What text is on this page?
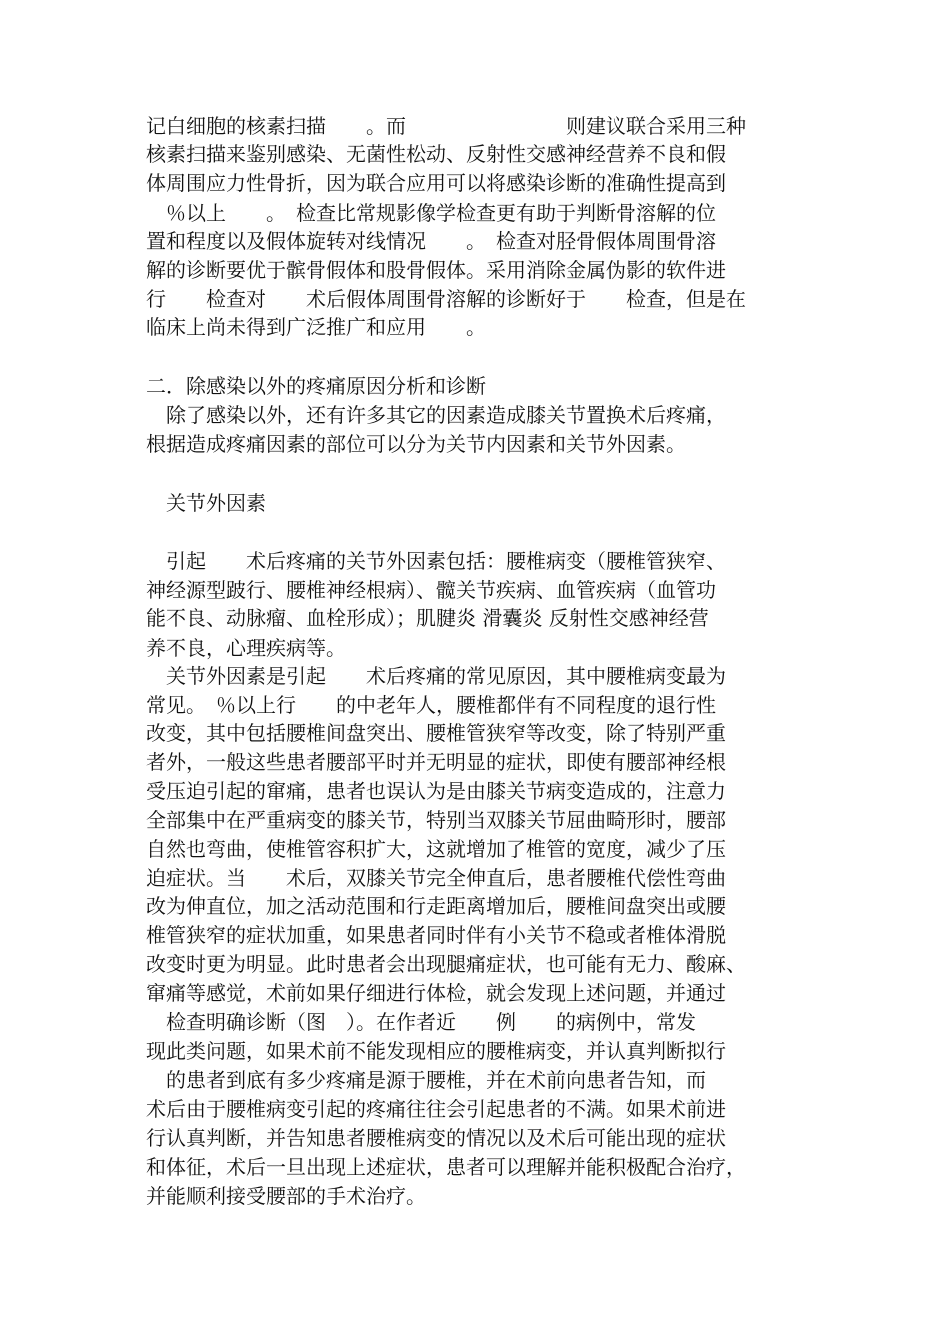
记白细胞的核素扫描　　。而　　　　　　　　则建议联合采用三种

核素扫描来鉴别感染、无菌性松动、反射性交感神经营养不良和假

体周围应力性骨折，因为联合应用可以将感染诊断的准确性提高到

　％以上　　。　检查比常规影像学检查更有助于判断骨溶解的位

置和程度以及假体旋转对线情况　　。　检查对胫骨假体周围骨溶

解的诊断要优于髌骨假体和股骨假体。采用消除金属伪影的软件进

行　　检查对　　术后假体周围骨溶解的诊断好于　　检查，但是在

临床上尚未得到广泛推广和应用　　。

二．除感染以外的疼痛原因分析和诊断

　除了感染以外，还有许多其它的因素造成膝关节置换术后疼痛，

根据造成疼痛因素的部位可以分为关节内因素和关节外因素。

　关节外因素

　引起　　术后疼痛的关节外因素包括：腰椎病变（腰椎管狭窄、

神经源型跛行、腰椎神经根病）、髋关节疾病、血管疾病（血管功

能不良、动脉瘤、血栓形成）；肌腱炎 滑囊炎 反射性交感神经营

养不良，心理疾病等。

　关节外因素是引起　　术后疼痛的常见原因，其中腰椎病变最为

常见。　％以上行　　的中老年人，腰椎都伴有不同程度的退行性

改变，其中包括腰椎间盘突出、腰椎管狭窄等改变，除了特别严重

者外，一般这些患者腰部平时并无明显的症状，即使有腰部神经根

受压迫引起的窜痛，患者也误认为是由膝关节病变造成的，注意力

全部集中在严重病变的膝关节，特别当双膝关节屈曲畸形时，腰部

自然也弯曲，使椎管容积扩大，这就增加了椎管的宽度，减少了压

迫症状。当　　术后，双膝关节完全伸直后，患者腰椎代偿性弯曲

改为伸直位，加之活动范围和行走距离增加后，腰椎间盘突出或腰

椎管狭窄的症状加重，如果患者同时伴有小关节不稳或者椎体滑脱

改变时更为明显。此时患者会出现腿痛症状，也可能有无力、酸麻、

窜痛等感觉，术前如果仔细进行体检，就会发现上述问题，并通过

　检查明确诊断（图　）。在作者近　　例　　的病例中，常发

现此类问题，如果术前不能发现相应的腰椎病变，并认真判断拟行

　的患者到底有多少疼痛是源于腰椎，并在术前向患者告知，而

术后由于腰椎病变引起的疼痛往往会引起患者的不满。如果术前进

行认真判断，并告知患者腰椎病变的情况以及术后可能出现的症状

和体征，术后一旦出现上述症状，患者可以理解并能积极配合治疗，

并能顺利接受腰部的手术治疗。
